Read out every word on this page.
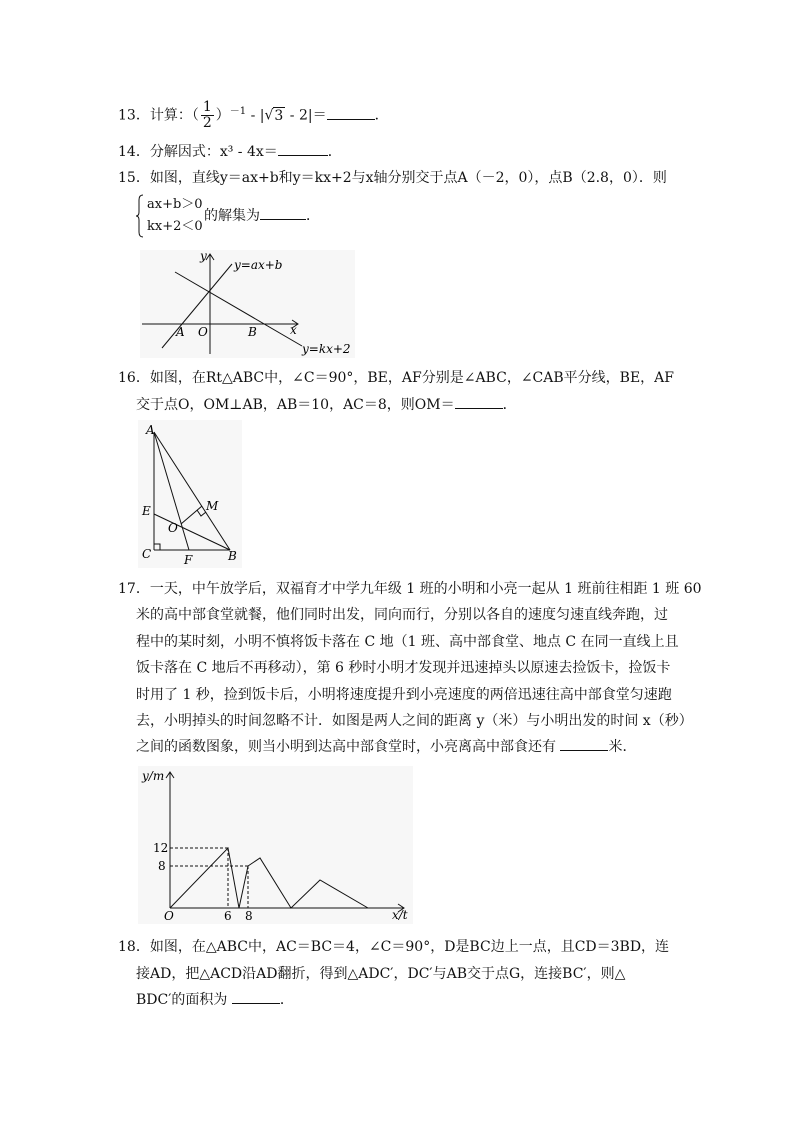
13．计算：（ $\frac{1}{2} )^{-1} - |√3 - 2|=$	．
14．分解因式：x³ - 4x＝	．
15．如图，直线y＝ax+b和y＝kx+2与x轴分别交于点A（－2，0），点B（2.8，0）．则
ax+b＞0
kx+2＜0
的解集为	．
y
x
O
A	B
y=ax+b
y=kx+2
16．如图，在Rt△ABC中，∠C＝90°，BE，AF分别是∠ABC，∠CAB平分线，BE，AF
交于点O，OM⊥AB，AB＝10，AC＝8，则OM＝	．
A
E
C	F	B
M
O
17．一天，中午放学后，双福育才中学九年级 1 班的小明和小亮一起从 1 班前往相距 1 班 60
米的高中部食堂就餐，他们同时出发，同向而行，分别以各自的速度匀速直线奔跑，过
程中的某时刻，小明不慎将饭卡落在 C 地（1 班、高中部食堂、地点 C 在同一直线上且
饭卡落在 C 地后不再移动），第 6 秒时小明才发现并迅速掉头以原速去捡饭卡，捡饭卡
时用了 1 秒，捡到饭卡后，小明将速度提升到小亮速度的两倍迅速往高中部食堂匀速跑
去，小明掉头的时间忽略不计．如图是两人之间的距离 y（米）与小明出发的时间 x（秒）
之间的函数图象，则当小明到达高中部食堂时，小亮离高中部食还有	米．
y/m
x/t
O
12
8
6 8
18．如图，在△ABC中，AC＝BC＝4，∠C＝90°，D是BC边上一点，且CD＝3BD，连
接AD，把△ACD沿AD翻折，得到△ADC′，DC′与AB交于点G，连接BC′，则△
BDC′的面积为	．
